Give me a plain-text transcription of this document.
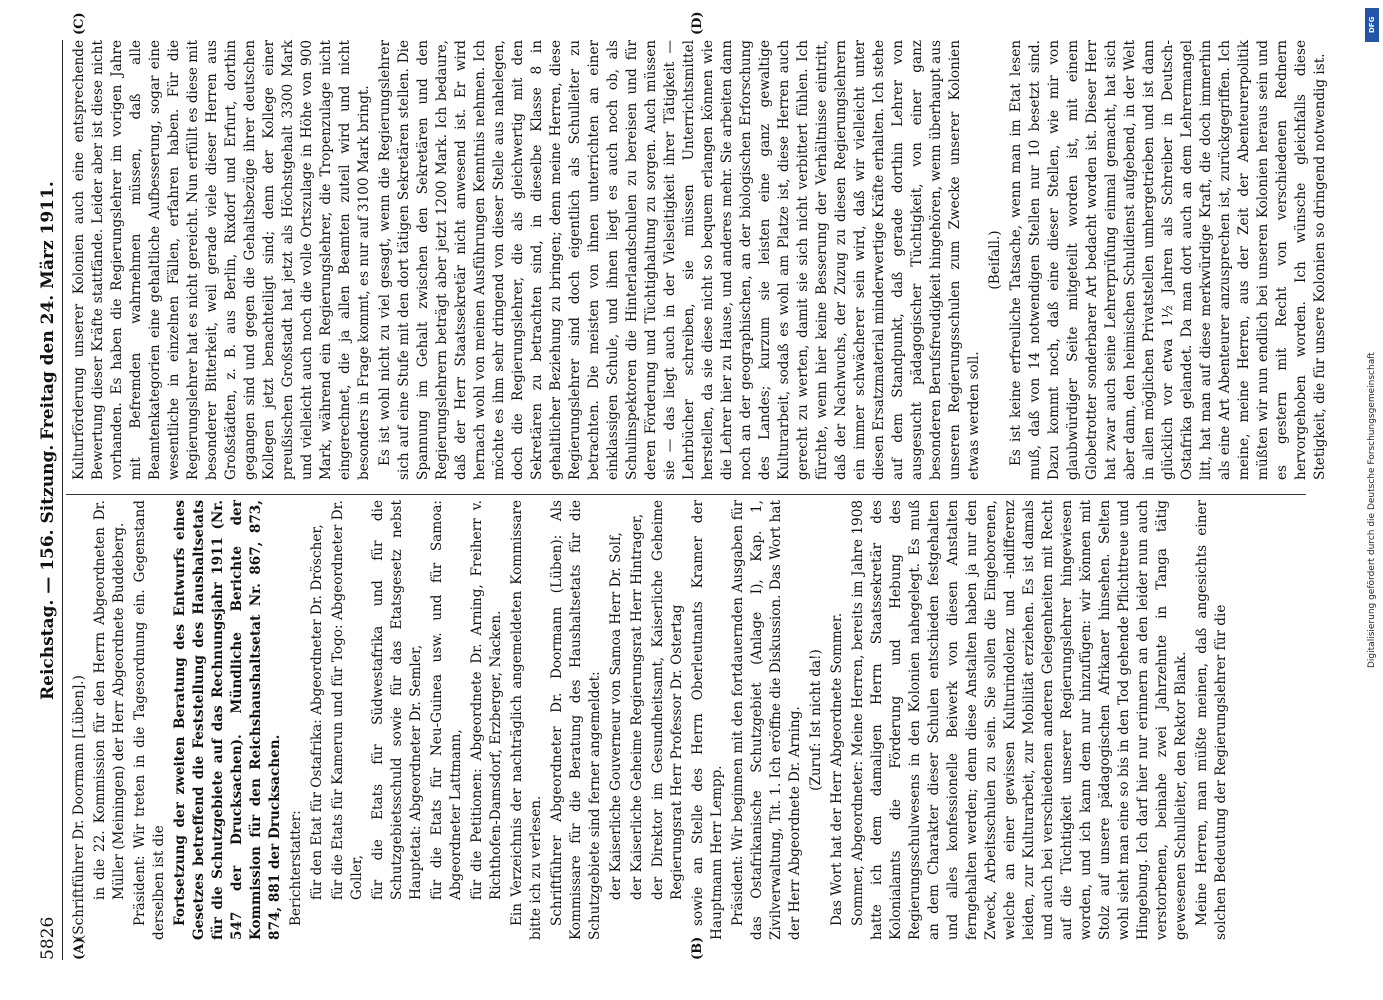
5826
Reichstag. — 156. Sitzung.
Freitag den 24. März 1911.
(A)	(B)
(C)	(D)

(Schriftführer Dr. Doormann [Lüben].) in die 22. Kommission für den Herrn Abgeordneten Dr. Müller (Meiningen) der Herr Abgeordnete Buddeberg. Präsident: Wir treten in die Tagesordnung ein. Gegenstand derselben ist die Fortsetzung der zweiten Beratung des Entwurfs eines Gesetzes betreffend die Feststellung des Haushaltsetats für die Schutzgebiete auf das Rechnungsjahr 1911 (Nr. 547 der Drucksachen). Mündliche Berichte der Kommission für den Reichshaushaltsetat Nr. 867, 873, 874, 881 der Drucksachen. Berichterstatter: für den Etat für Ostafrika: Abgeordneter Dr. Dröscher, für die Etats für Kamerun und für Togo: Abgeordneter Dr. Goller, für die Etats für Südwestafrika und für die Schutzgebietsschuld sowie für das Etatsgesetz nebst Hauptetat: Abgeordneter Dr. Semler, für die Etats für Neu-Guinea usw. und für Samoa: Abgeordneter Lattmann, für die Petitionen: Abgeordnete Dr. Arning, Freiherr v. Richthofen-Damsdorf, Erzberger, Nacken. Ein Verzeichnis der nachträglich angemeldeten Kommissare bitte ich zu verlesen. Schriftführer Abgeordneter Dr. Doormann (Lüben): Als Kommissare für die Beratung des Haushaltsetats für die Schutzgebiete sind ferner angemeldet: der Kaiserliche Gouverneur von Samoa Herr Dr. Solf, der Kaiserliche Geheime Regierungsrat Herr Hintrager, der Direktor im Gesundheitsamt, Kaiserliche Geheime Regierungsrat Herr Professor Dr. Ostertag sowie an Stelle des Herrn Oberleutnants Kramer der Hauptmann Herr Lempp. Präsident: Wir beginnen mit den fortdauernden Ausgaben für das Ostafrikanische Schutzgebiet (Anlage I), Kap. 1, Zivilverwaltung, Tit. 1. Ich eröffne die Diskussion. Das Wort hat der Herr Abgeordnete Dr. Arning. (Zuruf: Ist nicht da!) Das Wort hat der Herr Abgeordnete Sommer. Sommer, Abgeordneter: Meine Herren, bereits im Jahre 1908 hatte ich dem damaligen Herrn Staatssekretär des Kolonialamts die Förderung und Hebung des Regierungsschulwesens in den Kolonien nahegelegt. Es muß an dem Charakter dieser Schulen entschieden festgehalten und alles konfessionelle Beiwerk von diesen Anstalten ferngehalten werden; denn diese Anstalten haben ja nur den Zweck, Arbeitsschulen zu sein. Sie sollen die Eingeborenen, welche an einer gewissen Kulturindolenz und -indifferenz leiden, zur Kulturarbeit, zur Mobilität erziehen. Es ist damals und auch bei verschiedenen anderen Gelegenheiten mit Recht auf die Tüchtigkeit unserer Regierungslehrer hingewiesen worden, und ich kann dem nur hinzufügen: wir können mit Stolz auf unsere pädagogischen Afrikaner hinsehen. Selten wohl sieht man eine so bis in den Tod gehende Pflichttreue und Hingebung. Ich darf hier nur erinnern an den leider nun auch verstorbenen, beinahe zwei Jahrzehnte in Tanga tätig gewesenen Schulleiter, den Rektor Blank. Meine Herren, man müßte meinen, daß angesichts einer solchen Bedeutung der Regierungslehrer für die

Kulturförderung unserer Kolonien auch eine entsprechende Bewertung dieser Kräfte stattfände. Leider aber ist diese nicht vorhanden. Es haben die Regierungslehrer im vorigen Jahre mit Befremden wahrnehmen müssen, daß alle Beamtenkategorien eine gehaltliche Aufbesserung, sogar eine wesentliche in einzelnen Fällen, erfahren haben. Für die Regierungslehrer hat es nicht gereicht. Nun erfüllt es diese mit besonderer Bitterkeit, weil gerade viele dieser Herren aus Großstädten, z. B. aus Berlin, Rixdorf und Erfurt, dorthin gegangen sind und gegen die Gehaltsbezüge ihrer deutschen Kollegen jetzt benachteiligt sind; denn der Kollege einer preußischen Großstadt hat jetzt als Höchstgehalt 3300 Mark und vielleicht auch noch die volle Ortszulage in Höhe von 900 Mark, während ein Regierungslehrer, die Tropenzulage nicht eingerechnet, die ja allen Beamten zuteil wird und nicht besonders in Frage kommt, es nur auf 3100 Mark bringt. Es ist wohl nicht zu viel gesagt, wenn die Regierungslehrer sich auf eine Stufe mit den dort tätigen Sekretären stellen. Die Spannung im Gehalt zwischen den Sekretären und den Regierungslehrern beträgt aber jetzt 1200 Mark. Ich bedaure, daß der Herr Staatssekretär nicht anwesend ist. Er wird hernach wohl von meinen Ausführungen Kenntnis nehmen. Ich möchte es ihm sehr dringend von dieser Stelle aus nahelegen, doch die Regierungslehrer, die als gleichwertig mit den Sekretären zu betrachten sind, in dieselbe Klasse 8 in gehaltlicher Beziehung zu bringen; denn meine Herren, diese Regierungslehrer sind doch eigentlich als Schulleiter zu betrachten. Die meisten von ihnen unterrichten an einer einklassigen Schule, und ihnen liegt es auch noch ob, als Schulinspektoren die Hinterlandschulen zu bereisen und für deren Förderung und Tüchtighaltung zu sorgen. Auch müssen sie — das liegt auch in der Vielseitigkeit ihrer Tätigkeit — Lehrbücher schreiben, sie müssen Unterrichtsmittel herstellen, da sie diese nicht so bequem erlangen können wie die Lehrer hier zu Hause, und anderes mehr. Sie arbeiten dann noch an der geographischen, an der biologischen Erforschung des Landes; kurzum sie leisten eine ganz gewaltige Kulturarbeit, sodaß es wohl am Platze ist, diese Herren auch gerecht zu werten, damit sie sich nicht verbittert fühlen. Ich fürchte, wenn hier keine Besserung der Verhältnisse eintritt, daß der Nachwuchs, der Zuzug zu diesen Regierungslehrern ein immer schwächerer sein wird, daß wir vielleicht unter diesen Ersatzmaterial minderwertige Kräfte erhalten. Ich stehe auf dem Standpunkt, daß gerade dorthin Lehrer von ausgesucht pädagogischer Tüchtigkeit, von einer ganz besonderen Berufsfreudigkeit hingehören, wenn überhaupt aus unseren Regierungsschulen zum Zwecke unserer Kolonien etwas werden soll.

(Beifall.) Es ist keine erfreuliche Tatsache, wenn man im Etat lesen muß, daß von 14 notwendigen Stellen nur 10 besetzt sind. Dazu kommt noch, daß eine dieser Stellen, wie mir von glaubwürdiger Seite mitgeteilt worden ist, mit einem Globetrotter sonderbarer Art bedacht worden ist. Dieser Herr hat zwar auch seine Lehrerprüfung einmal gemacht, hat sich aber dann, den heimischen Schuldienst aufgebend, in der Welt in allen möglichen Privatstellen umhergetrieben und ist dann glücklich vor etwa 1½ Jahren als Schreiber in Deutsch-Ostafrika gelandet. Da man dort auch an dem Lehrermangel litt, hat man auf diese merkwürdige Kraft, die doch immerhin als eine Art Abenteurer anzusprechen ist, zurückgegriffen. Ich meine, meine Herren, aus der Zeit der Abenteurerpolitik müßten wir nun endlich bei unseren Kolonien heraus sein und es gestern mit Recht von verschiedenen Rednern hervorgehoben worden. Ich wünsche gleichfalls diese Stetigkeit, die für unsere Kolonien so dringend notwendig ist.

DFG
Digitalisierung gefördert durch die Deutsche Forschungsgemeinschaft
